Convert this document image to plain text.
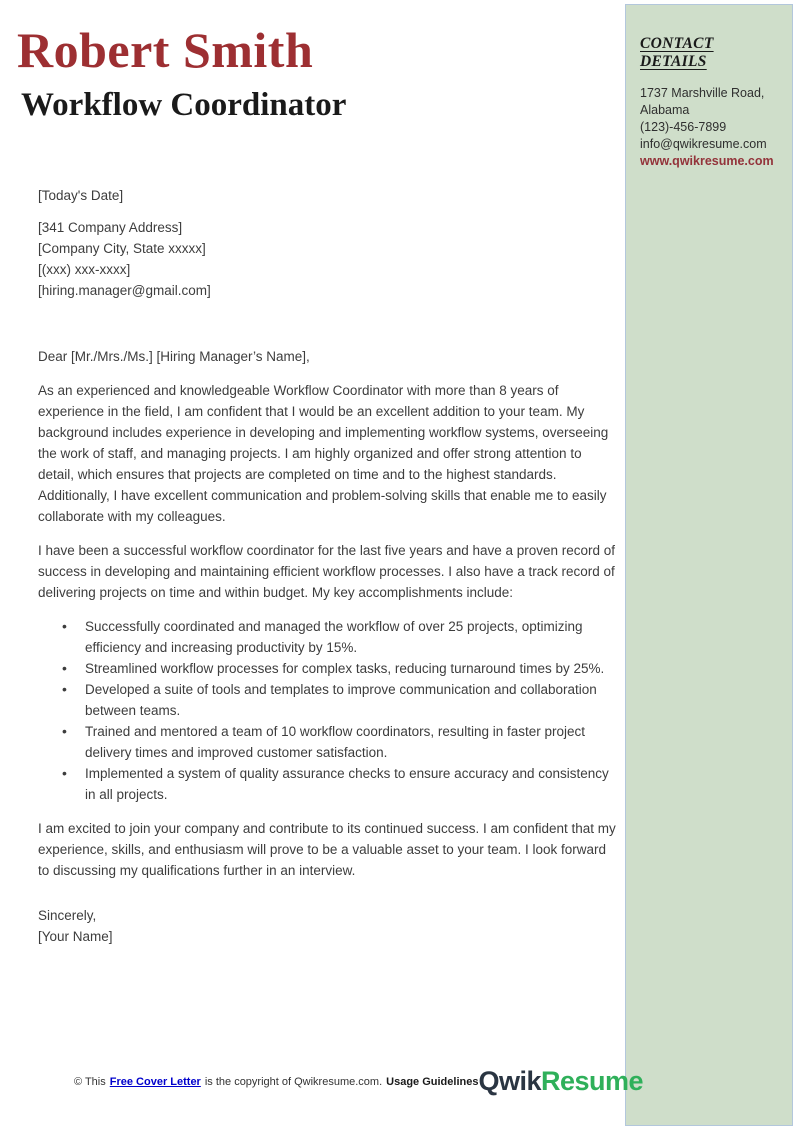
Robert Smith
Workflow Coordinator
[Today's Date]
[341 Company Address]
[Company City, State xxxxx]
[(xxx) xxx-xxxx]
[hiring.manager@gmail.com]
Dear [Mr./Mrs./Ms.] [Hiring Manager’s Name],

As an experienced and knowledgeable Workflow Coordinator with more than 8 years of experience in the field, I am confident that I would be an excellent addition to your team. My background includes experience in developing and implementing workflow systems, overseeing the work of staff, and managing projects. I am highly organized and offer strong attention to detail, which ensures that projects are completed on time and to the highest standards. Additionally, I have excellent communication and problem-solving skills that enable me to easily collaborate with my colleagues.

I have been a successful workflow coordinator for the last five years and have a proven record of success in developing and maintaining efficient workflow processes. I also have a track record of delivering projects on time and within budget. My key accomplishments include:

• Successfully coordinated and managed the workflow of over 25 projects, optimizing efficiency and increasing productivity by 15%.
• Streamlined workflow processes for complex tasks, reducing turnaround times by 25%.
• Developed a suite of tools and templates to improve communication and collaboration between teams.
• Trained and mentored a team of 10 workflow coordinators, resulting in faster project delivery times and improved customer satisfaction.
• Implemented a system of quality assurance checks to ensure accuracy and consistency in all projects.

I am excited to join your company and contribute to its continued success. I am confident that my experience, skills, and enthusiasm will prove to be a valuable asset to your team. I look forward to discussing my qualifications further in an interview.

Sincerely,
[Your Name]
CONTACT DETAILS
1737 Marshville Road,
Alabama
(123)-456-7899
info@qwikresume.com
www.qwikresume.com
© This Free Cover Letter is the copyright of Qwikresume.com. Usage Guidelines QwikResume
